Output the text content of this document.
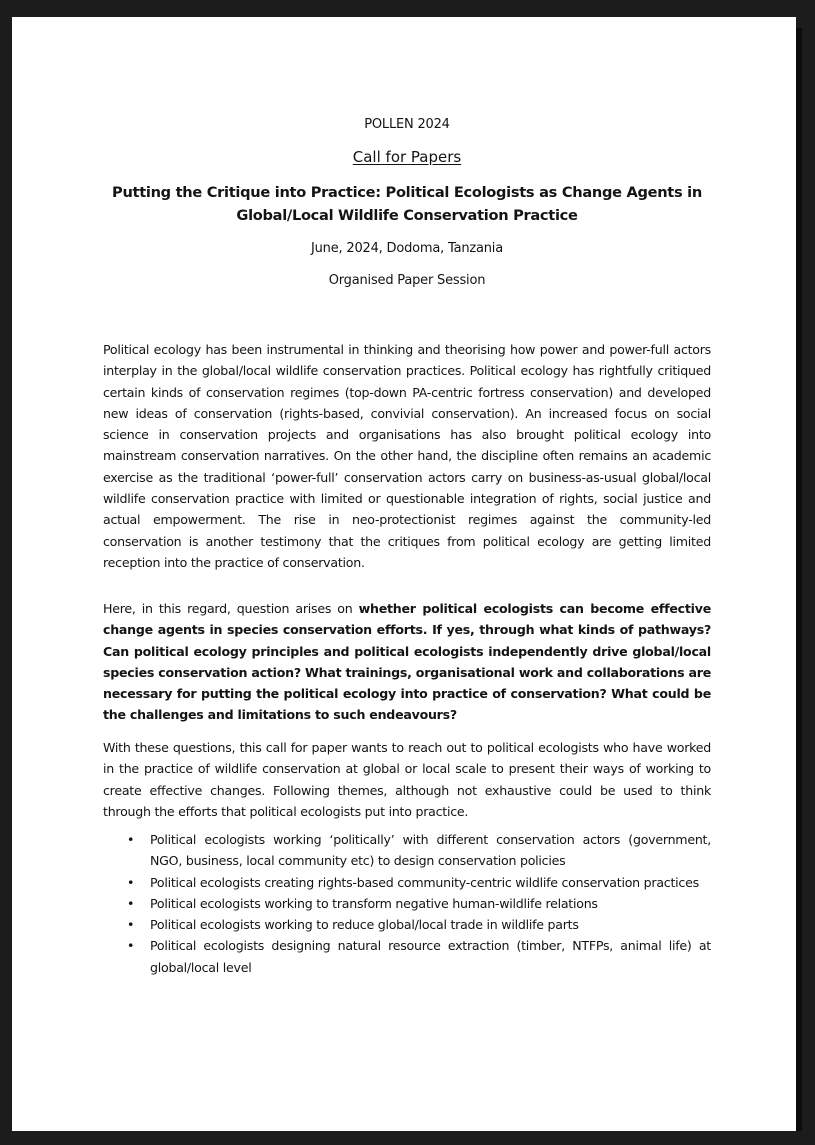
POLLEN 2024
Call for Papers
Putting the Critique into Practice: Political Ecologists as Change Agents in Global/Local Wildlife Conservation Practice
June, 2024, Dodoma, Tanzania
Organised Paper Session

Political ecology has been instrumental in thinking and theorising how power and power-full actors interplay in the global/local wildlife conservation practices. Political ecology has rightfully critiqued certain kinds of conservation regimes (top-down PA-centric fortress conservation) and developed new ideas of conservation (rights-based, convivial conservation). An increased focus on social science in conservation projects and organisations has also brought political ecology into mainstream conservation narratives. On the other hand, the discipline often remains an academic exercise as the traditional ‘power-full’ conservation actors carry on business-as-usual global/local wildlife conservation practice with limited or questionable integration of rights, social justice and actual empowerment. The rise in neo-protectionist regimes against the community-led conservation is another testimony that the critiques from political ecology are getting limited reception into the practice of conservation.

Here, in this regard, question arises on whether political ecologists can become effective change agents in species conservation efforts. If yes, through what kinds of pathways? Can political ecology principles and political ecologists independently drive global/local species conservation action? What trainings, organisational work and collaborations are necessary for putting the political ecology into practice of conservation? What could be the challenges and limitations to such endeavours?

With these questions, this call for paper wants to reach out to political ecologists who have worked in the practice of wildlife conservation at global or local scale to present their ways of working to create effective changes. Following themes, although not exhaustive could be used to think through the efforts that political ecologists put into practice.

• Political ecologists working ‘politically’ with different conservation actors (government, NGO, business, local community etc) to design conservation policies
• Political ecologists creating rights-based community-centric wildlife conservation practices
• Political ecologists working to transform negative human-wildlife relations
• Political ecologists working to reduce global/local trade in wildlife parts
• Political ecologists designing natural resource extraction (timber, NTFPs, animal life) at global/local level
